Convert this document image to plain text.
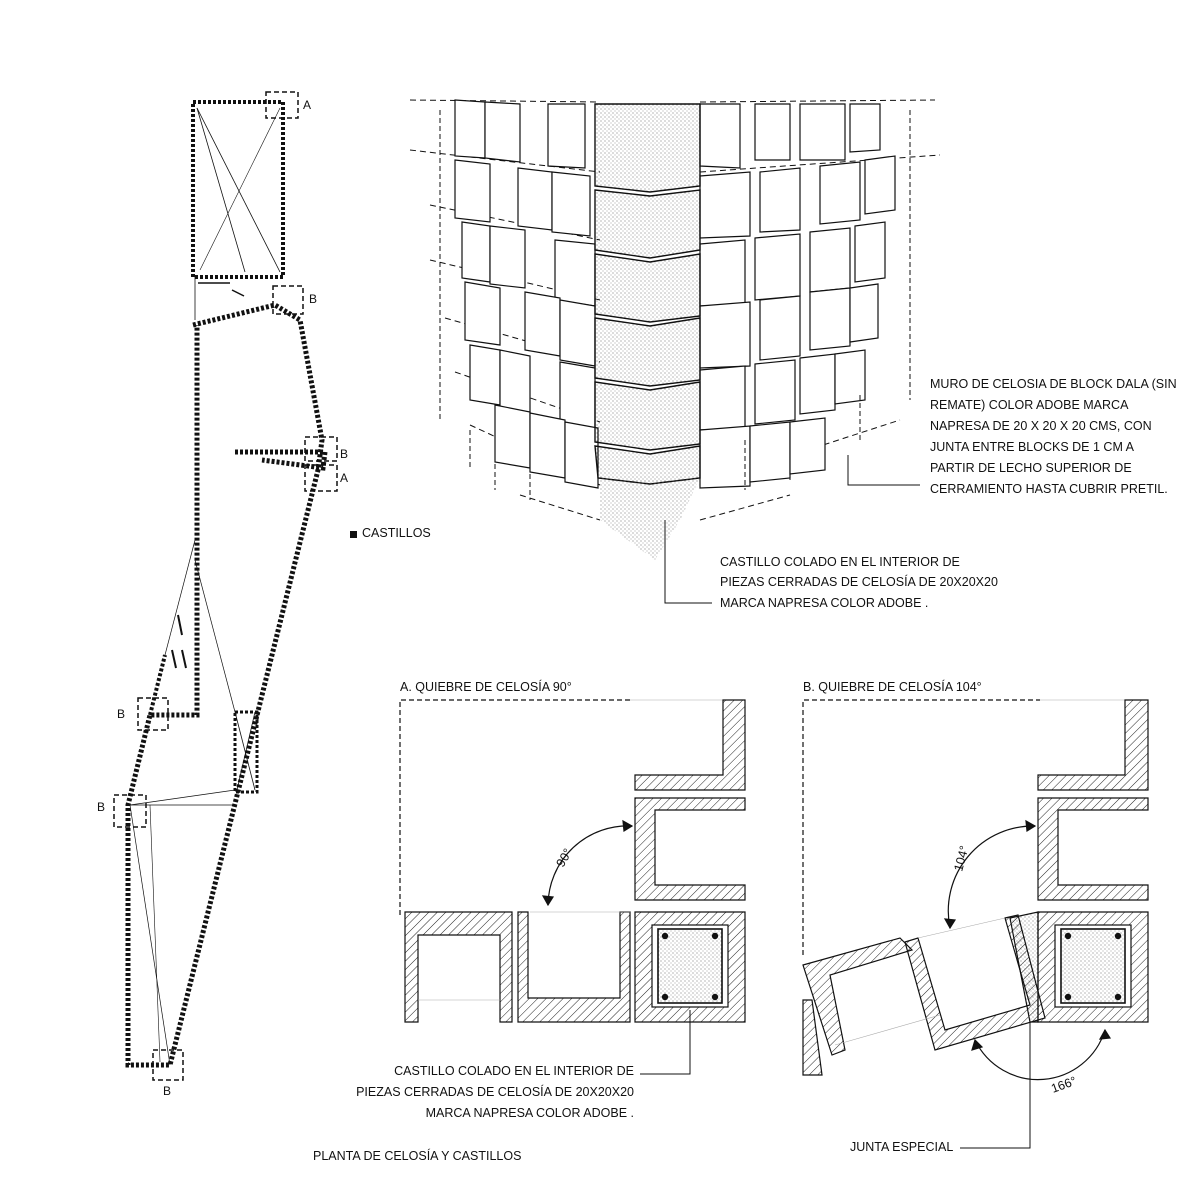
A
B
B
A
B
B
B
CASTILLOS
PLANTA DE CELOSÍA Y CASTILLOS
MURO DE CELOSIA DE BLOCK DALA (SIN
REMATE) COLOR ADOBE MARCA
NAPRESA DE 20 X 20 X 20 CMS, CON
JUNTA ENTRE BLOCKS DE 1 CM A
PARTIR DE LECHO SUPERIOR DE
CERRAMIENTO HASTA CUBRIR PRETIL.
CASTILLO COLADO EN EL INTERIOR DE
PIEZAS CERRADAS DE CELOSÍA DE 20X20X20
MARCA NAPRESA COLOR ADOBE .
A. QUIEBRE DE CELOSÍA 90°
90°
CASTILLO COLADO EN EL INTERIOR DE
PIEZAS CERRADAS DE CELOSÍA DE 20X20X20
MARCA NAPRESA COLOR ADOBE .
B. QUIEBRE DE CELOSÍA 104°
104°
166°
JUNTA ESPECIAL
